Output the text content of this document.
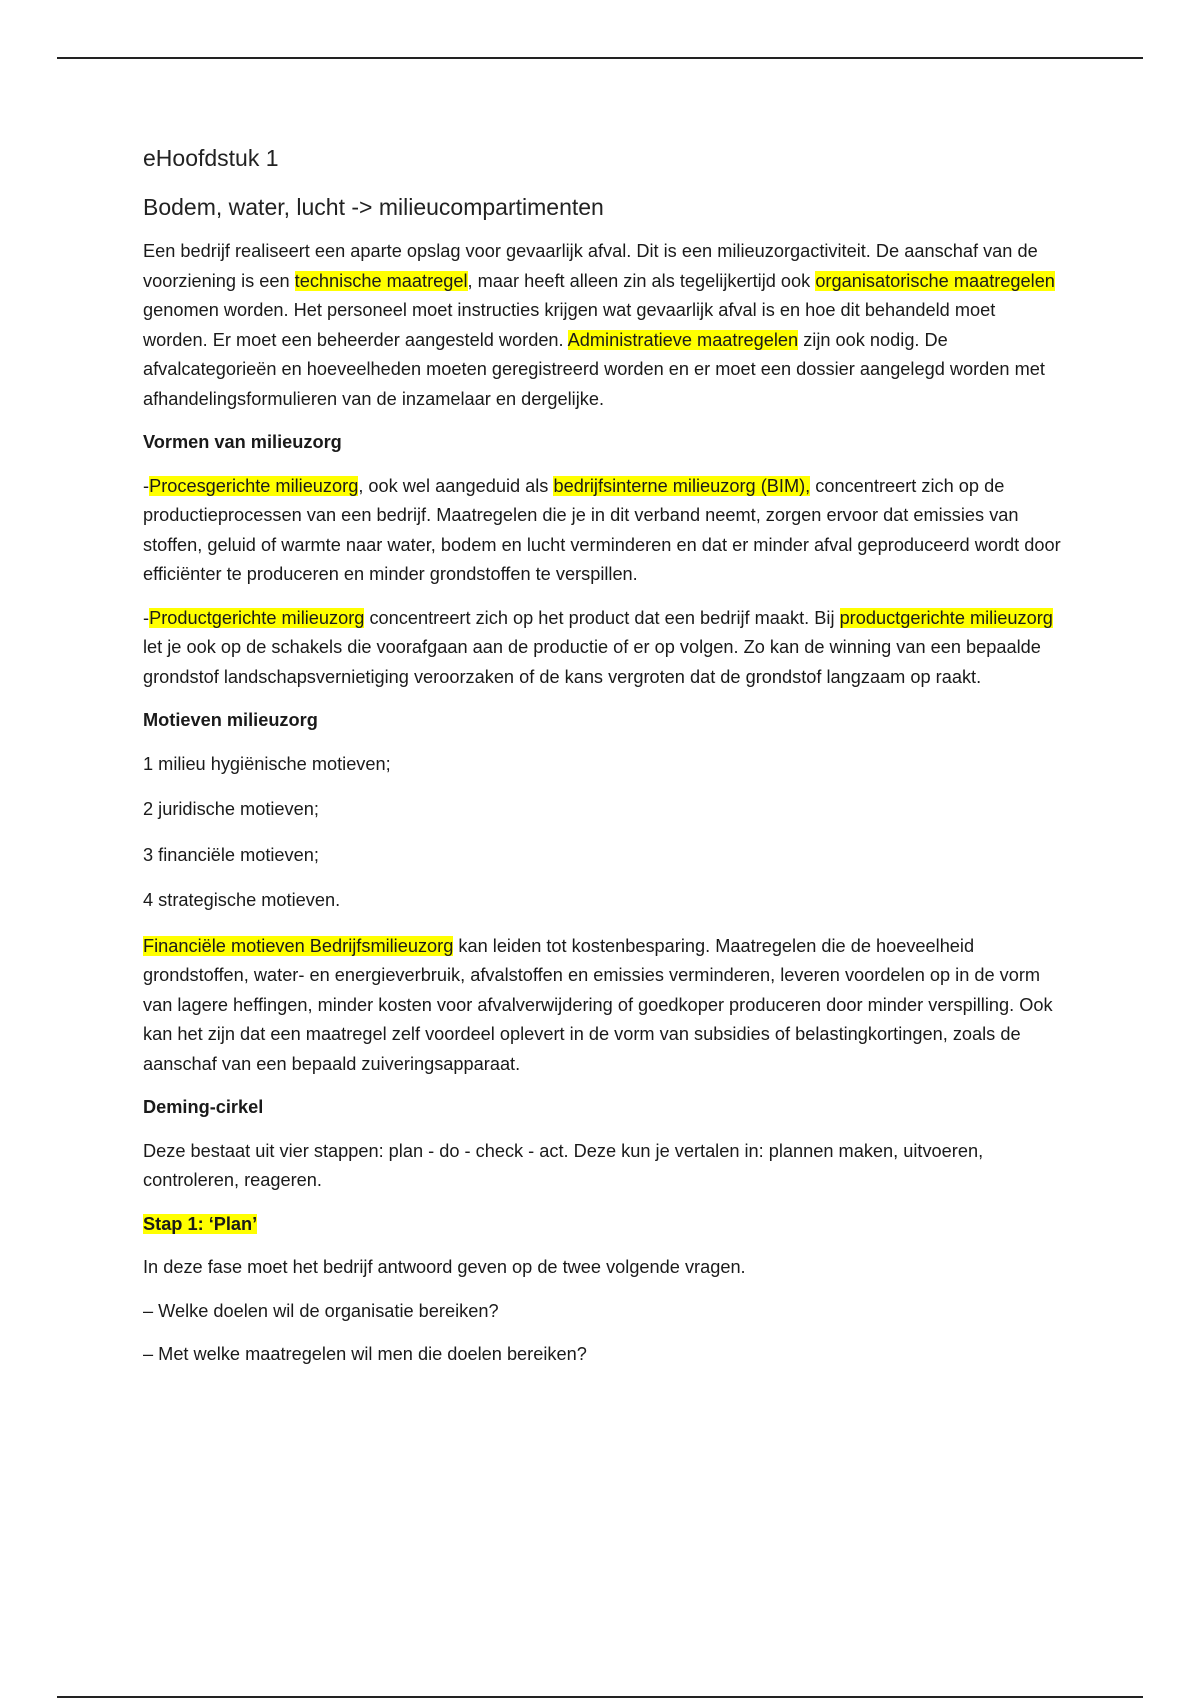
eHoofdstuk 1
Bodem, water, lucht -> milieucompartimenten

Een bedrijf realiseert een aparte opslag voor gevaarlijk afval. Dit is een milieuzorgactiviteit. De aanschaf van de voorziening is een technische maatregel, maar heeft alleen zin als tegelijkertijd ook organisatorische maatregelen genomen worden. Het personeel moet instructies krijgen wat gevaarlijk afval is en hoe dit behandeld moet worden. Er moet een beheerder aangesteld worden. Administratieve maatregelen zijn ook nodig. De afvalcategorieën en hoeveelheden moeten geregistreerd worden en er moet een dossier aangelegd worden met afhandelingsformulieren van de inzamelaar en dergelijke.

Vormen van milieuzorg

-Procesgerichte milieuzorg, ook wel aangeduid als bedrijfsinterne milieuzorg (BIM), concentreert zich op de productieprocessen van een bedrijf. Maatregelen die je in dit verband neemt, zorgen ervoor dat emissies van stoffen, geluid of warmte naar water, bodem en lucht verminderen en dat er minder afval geproduceerd wordt door efficiënter te produceren en minder grondstoffen te verspillen.

-Productgerichte milieuzorg concentreert zich op het product dat een bedrijf maakt. Bij productgerichte milieuzorg let je ook op de schakels die voorafgaan aan de productie of er op volgen. Zo kan de winning van een bepaalde grondstof landschapsvernietiging veroorzaken of de kans vergroten dat de grondstof langzaam op raakt.

Motieven milieuzorg

1 milieu hygiënische motieven;

2 juridische motieven;

3 financiële motieven;

4 strategische motieven.

Financiële motieven Bedrijfsmilieuzorg kan leiden tot kostenbesparing. Maatregelen die de hoeveelheid grondstoffen, water- en energieverbruik, afvalstoffen en emissies verminderen, leveren voordelen op in de vorm van lagere heffingen, minder kosten voor afvalverwijdering of goedkoper produceren door minder verspilling. Ook kan het zijn dat een maatregel zelf voordeel oplevert in de vorm van subsidies of belastingkortingen, zoals de aanschaf van een bepaald zuiveringsapparaat.

Deming-cirkel

Deze bestaat uit vier stappen: plan - do - check - act. Deze kun je vertalen in: plannen maken, uitvoeren, controleren, reageren.

Stap 1: ‘Plan’

In deze fase moet het bedrijf antwoord geven op de twee volgende vragen.

– Welke doelen wil de organisatie bereiken?

– Met welke maatregelen wil men die doelen bereiken?
